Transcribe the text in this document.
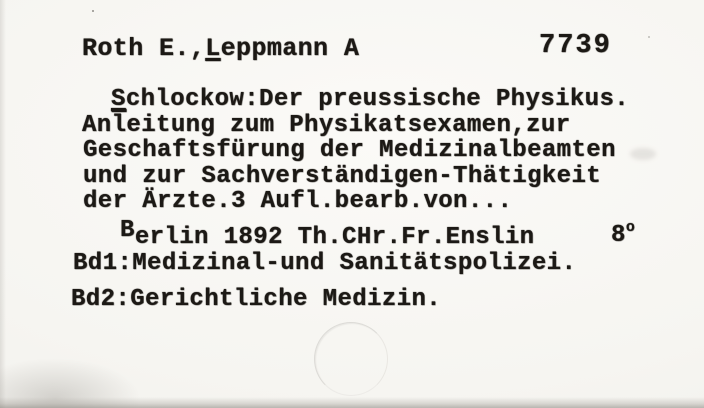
Roth E.,Leppmann A	7739
Schlockow:Der preussische Physikus.
$An\overline{l}eitung$ zum Physikatsexamen,zur
Geschaftsfürung der Medizinalbeamten
und zur Sachverständigen-Thätigkeit
der Ärzte.3 Aufl.bearb.von...
Berlin 1892 Th.CHr.Fr.Enslin	8$^o$
Bd1:Medizinal-und Sanitätspolizei.
Bd2:Gerichtliche Medizin.
